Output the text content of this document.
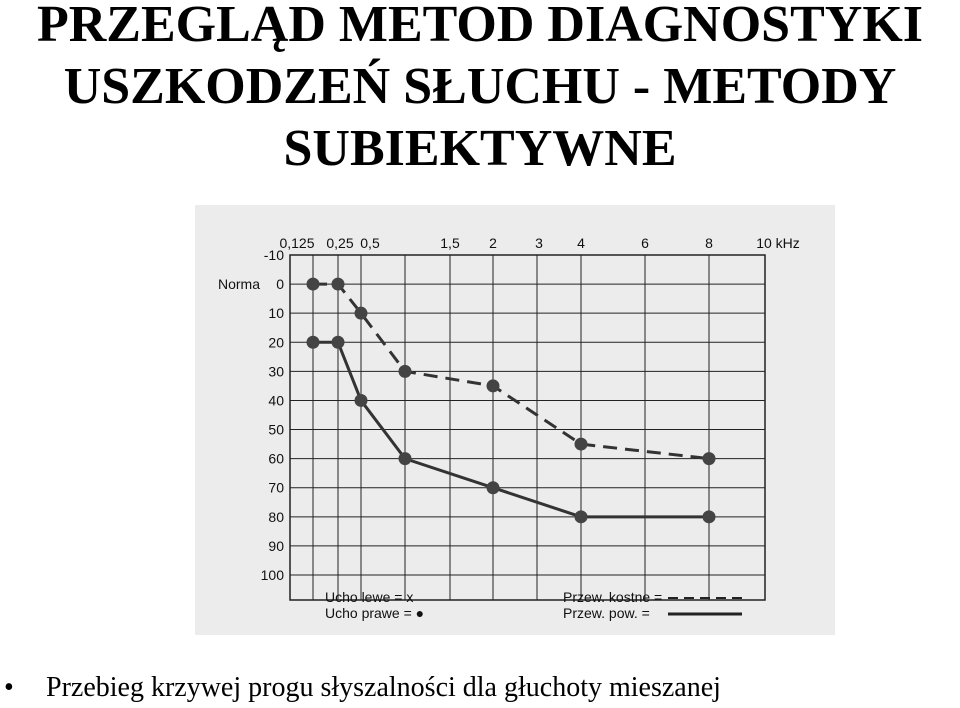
PRZEGLĄD METOD DIAGNOSTYKI
USZKODZEŃ SŁUCHU - METODY
SUBIEKTYWNE
0,125 0,25 0,5	1,5 2	3 4	6	8	10 kHz
-10
0
10
20
30
40
50
60
70
80
90
100
Norma
Ucho lewe = x
Ucho prawe = ●
Przew. kostne =
Przew. pow. =
• Przebieg krzywej progu słyszalności dla głuchoty mieszanej
